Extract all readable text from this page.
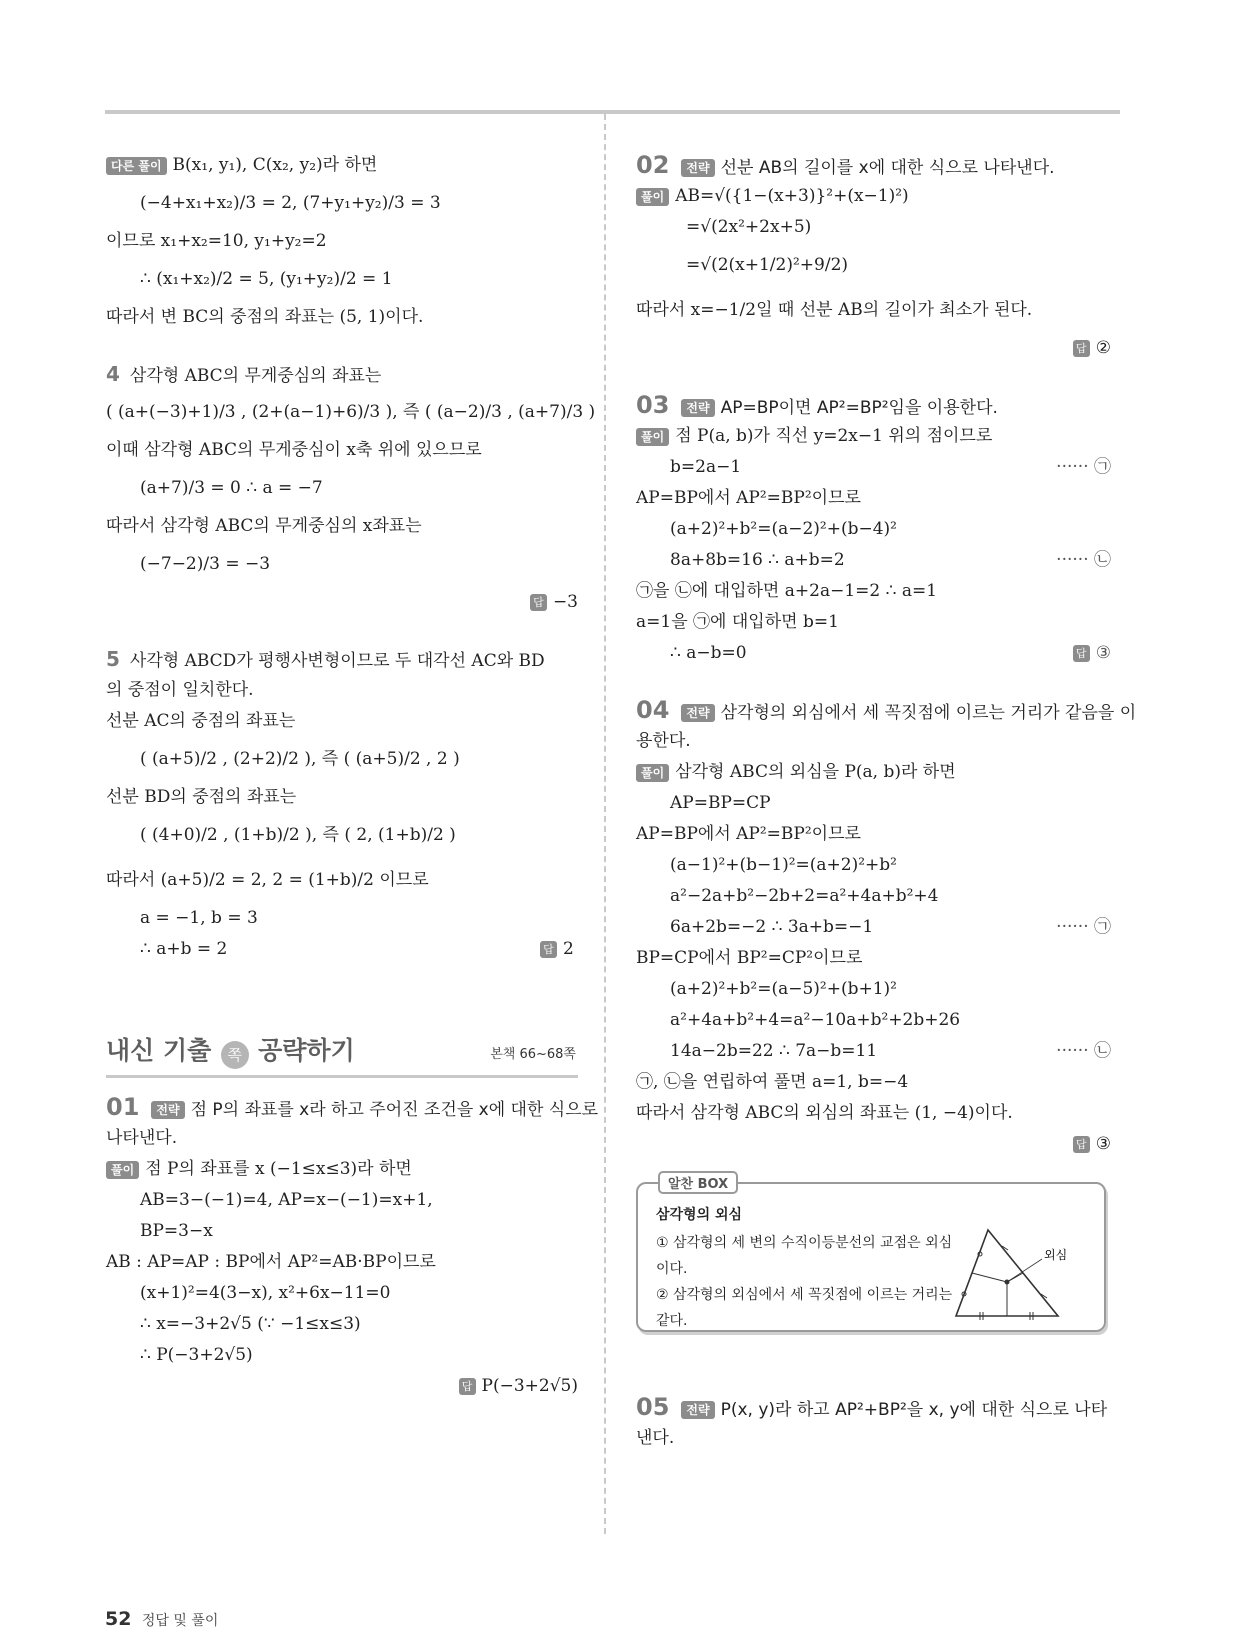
다른 풀이 B(x₁, y₁), C(x₂, y₂)라 하면
(−4+x₁+x₂)/3 = 2, (7+y₁+y₂)/3 = 3
이므로 x₁+x₂=10, y₁+y₂=2
∴ (x₁+x₂)/2 = 5, (y₁+y₂)/2 = 1
따라서 변 BC의 중점의 좌표는 (5, 1)이다.
4 삼각형 ABC의 무게중심의 좌표는
( (a+(−3)+1)/3 , (2+(a−1)+6)/3 ), 즉 ( (a−2)/3 , (a+7)/3 )
이때 삼각형 ABC의 무게중심이 x축 위에 있으므로
(a+7)/3 = 0 ∴ a = −7
따라서 삼각형 ABC의 무게중심의 x좌표는
(−7−2)/3 = −3
답 −3
5 사각형 ABCD가 평행사변형이므로 두 대각선 AC와 BD
의 중점이 일치한다.
선분 AC의 중점의 좌표는
( (a+5)/2 , (2+2)/2 ), 즉 ( (a+5)/2 , 2 )
선분 BD의 중점의 좌표는
( (4+0)/2 , (1+b)/2 ), 즉 ( 2, (1+b)/2 )
따라서 (a+5)/2 = 2, 2 = (1+b)/2 이므로
a = −1, b = 3
∴ a+b = 2	답 2
내신 기출 쪽 공략하기	본책 66~68쪽
01 전략 점 P의 좌표를 x라 하고 주어진 조건을 x에 대한 식으로
나타낸다.
풀이 점 P의 좌표를 x (−1≤x≤3)라 하면
AB=3−(−1)=4, AP=x−(−1)=x+1,
BP=3−x
AB : AP=AP : BP에서 AP²=AB·BP이므로
(x+1)²=4(3−x), x²+6x−11=0
∴ x=−3+2√5 (∵ −1≤x≤3)
∴ P(−3+2√5)
답 P(−3+2√5)
02 전략 선분 AB의 길이를 x에 대한 식으로 나타낸다.
풀이 AB=√({1−(x+3)}²+(x−1)²)
=√(2x²+2x+5)
=√(2(x+1/2)²+9/2)
따라서 x=−1/2일 때 선분 AB의 길이가 최소가 된다.
답 ②
03 전략 AP=BP이면 AP²=BP²임을 이용한다.
풀이 점 P(a, b)가 직선 y=2x−1 위의 점이므로
b=2a−1	······ ㉠
AP=BP에서 AP²=BP²이므로
(a+2)²+b²=(a−2)²+(b−4)²
8a+8b=16 ∴ a+b=2	······ ㉡
㉠을 ㉡에 대입하면 a+2a−1=2 ∴ a=1
a=1을 ㉠에 대입하면 b=1
∴ a−b=0	답 ③
04 전략 삼각형의 외심에서 세 꼭짓점에 이르는 거리가 같음을 이
용한다.
풀이 삼각형 ABC의 외심을 P(a, b)라 하면
AP=BP=CP
AP=BP에서 AP²=BP²이므로
(a−1)²+(b−1)²=(a+2)²+b²
a²−2a+b²−2b+2=a²+4a+b²+4
6a+2b=−2 ∴ 3a+b=−1	······ ㉠
BP=CP에서 BP²=CP²이므로
(a+2)²+b²=(a−5)²+(b+1)²
a²+4a+b²+4=a²−10a+b²+2b+26
14a−2b=22 ∴ 7a−b=11	······ ㉡
㉠, ㉡을 연립하여 풀면 a=1, b=−4
따라서 삼각형 ABC의 외심의 좌표는 (1, −4)이다.
답 ③
알찬 BOX
삼각형의 외심
① 삼각형의 세 변의 수직이등분선의 교점은 외심이다.
② 삼각형의 외심에서 세 꼭짓점에 이르는 거리는 같다.
외심
05 전략 P(x, y)라 하고 AP²+BP²을 x, y에 대한 식으로 나타
낸다.
52 정답 및 풀이
